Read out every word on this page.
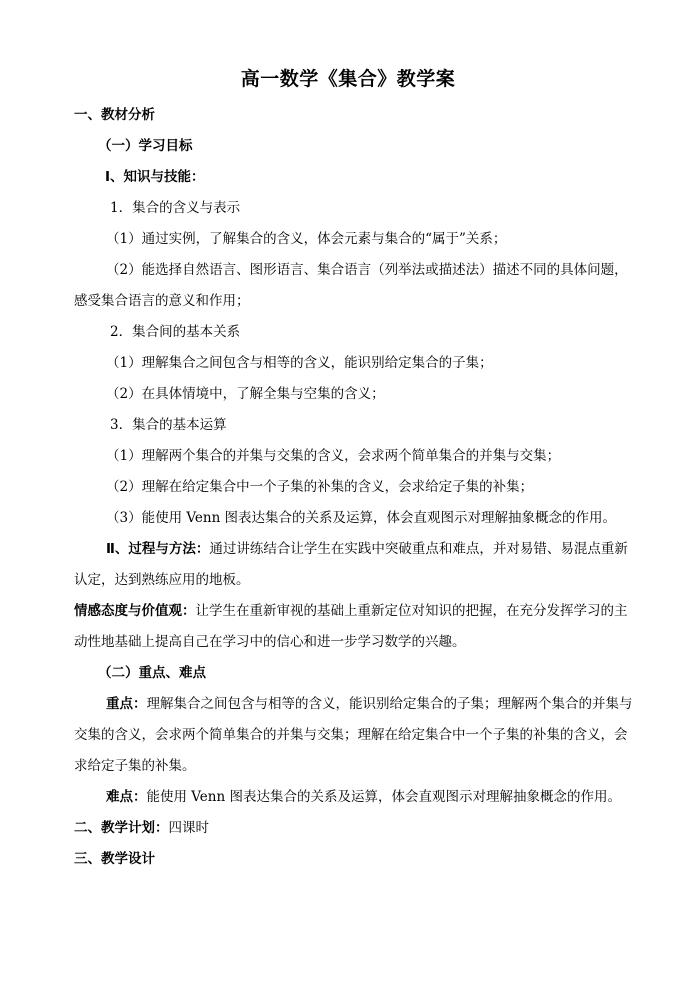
高一数学《集合》教学案
一、教材分析
（一）学习目标
Ⅰ、知识与技能：
1．集合的含义与表示
（1）通过实例，了解集合的含义，体会元素与集合的“属于”关系；
（2）能选择自然语言、图形语言、集合语言（列举法或描述法）描述不同的具体问题，
感受集合语言的意义和作用；
2．集合间的基本关系
（1）理解集合之间包含与相等的含义，能识别给定集合的子集；
（2）在具体情境中，了解全集与空集的含义；
3．集合的基本运算
（1）理解两个集合的并集与交集的含义，会求两个简单集合的并集与交集；
（2）理解在给定集合中一个子集的补集的含义，会求给定子集的补集；
（3）能使用 Venn 图表达集合的关系及运算，体会直观图示对理解抽象概念的作用。
Ⅱ、过程与方法：通过讲练结合让学生在实践中突破重点和难点，并对易错、易混点重新
认定，达到熟练应用的地板。
情感态度与价值观：让学生在重新审视的基础上重新定位对知识的把握，在充分发挥学习的主
动性地基础上提高自己在学习中的信心和进一步学习数学的兴趣。
（二）重点、难点
重点：理解集合之间包含与相等的含义，能识别给定集合的子集；理解两个集合的并集与
交集的含义，会求两个简单集合的并集与交集；理解在给定集合中一个子集的补集的含义，会
求给定子集的补集。
难点：能使用 Venn 图表达集合的关系及运算，体会直观图示对理解抽象概念的作用。
二、教学计划：四课时
三、教学设计
